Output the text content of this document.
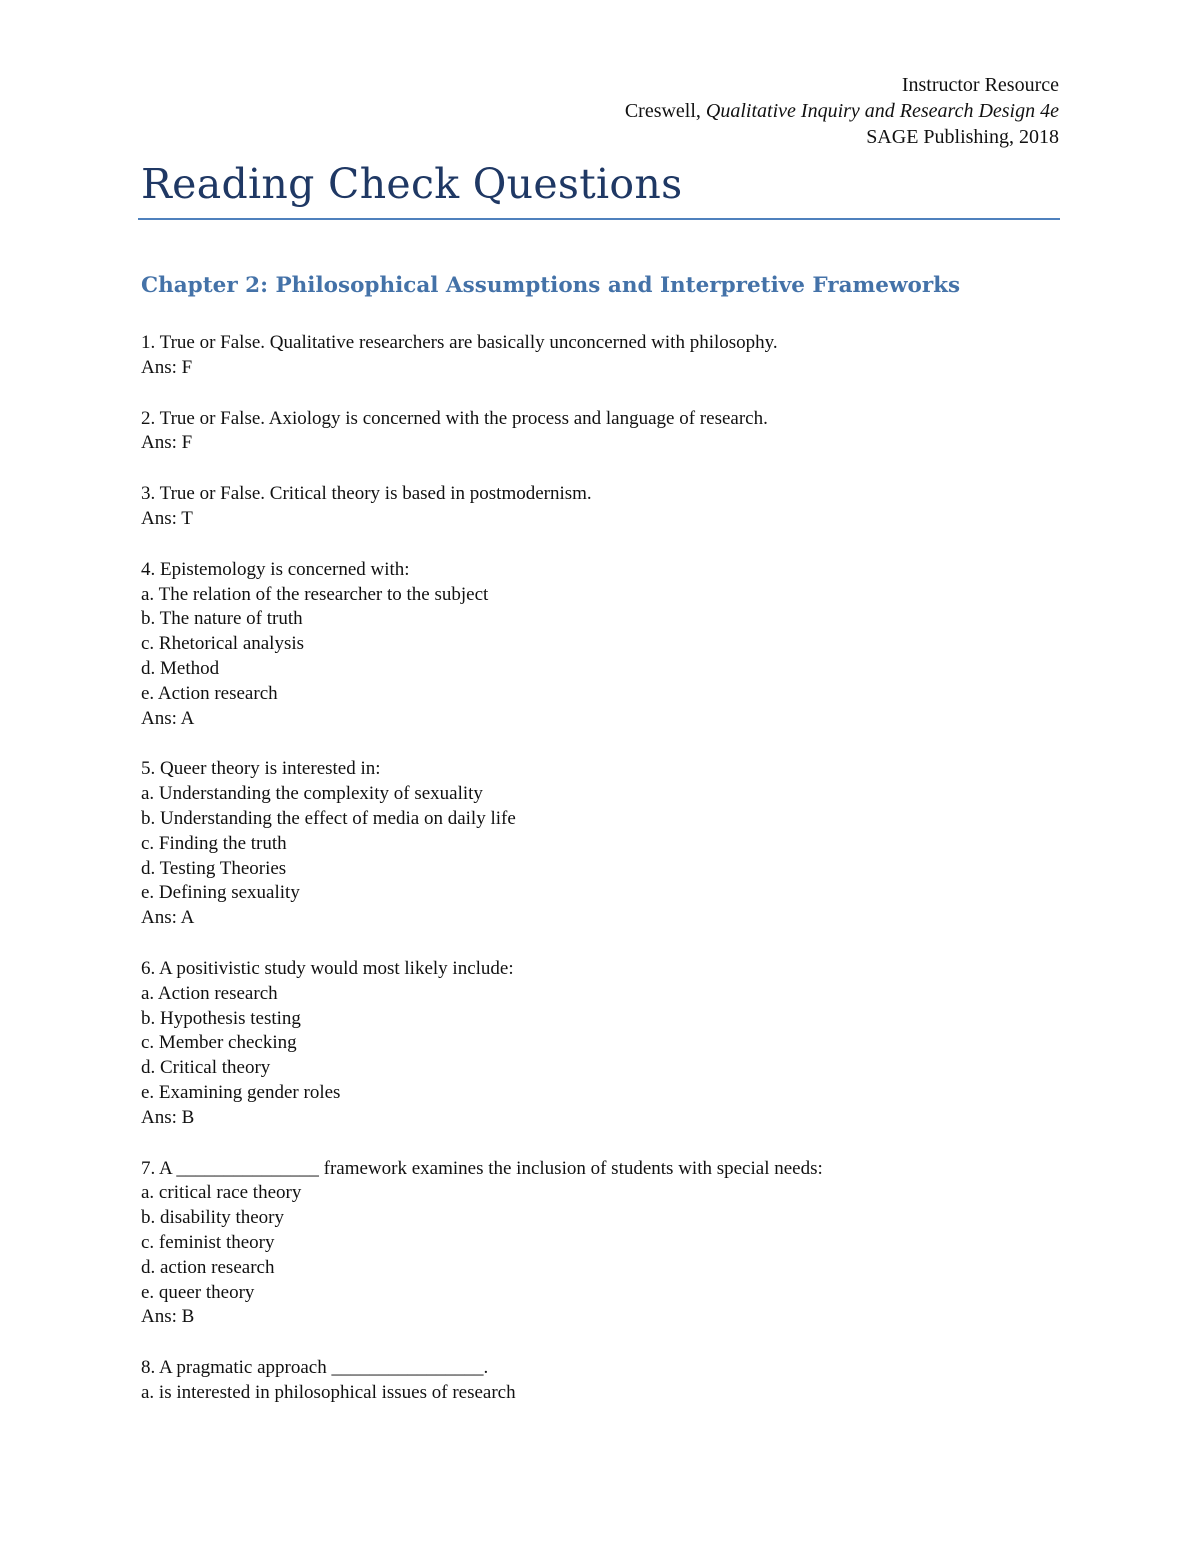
Instructor Resource
Creswell, Qualitative Inquiry and Research Design 4e
SAGE Publishing, 2018
Reading Check Questions
Chapter 2: Philosophical Assumptions and Interpretive Frameworks
1. True or False. Qualitative researchers are basically unconcerned with philosophy.
Ans: F
2. True or False. Axiology is concerned with the process and language of research.
Ans: F
3. True or False. Critical theory is based in postmodernism.
Ans: T
4. Epistemology is concerned with:
a. The relation of the researcher to the subject
b. The nature of truth
c. Rhetorical analysis
d. Method
e. Action research
Ans: A
5. Queer theory is interested in:
a. Understanding the complexity of sexuality
b. Understanding the effect of media on daily life
c. Finding the truth
d. Testing Theories
e. Defining sexuality
Ans: A
6. A positivistic study would most likely include:
a. Action research
b. Hypothesis testing
c. Member checking
d. Critical theory
e. Examining gender roles
Ans: B
7. A _______________ framework examines the inclusion of students with special needs:
a. critical race theory
b. disability theory
c. feminist theory
d. action research
e. queer theory
Ans: B
8. A pragmatic approach ________________.
a. is interested in philosophical issues of research
